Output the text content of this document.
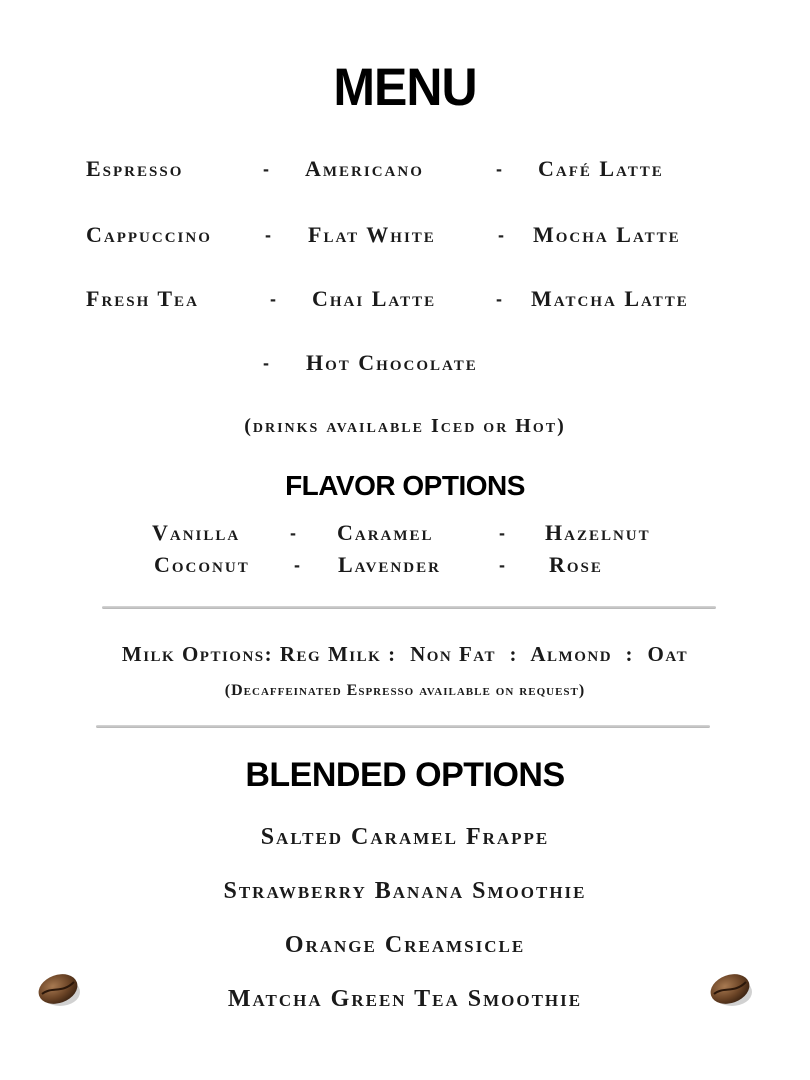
MENU
Espresso	- Americano	- Café Latte
Cappuccino	- Flat White	- Mocha Latte
Fresh Tea	- Chai Latte	- Matcha Latte
- Hot Chocolate
(drinks available Iced or Hot)
FLAVOR OPTIONS
Vanilla	- Caramel	- Hazelnut
Coconut - Lavender	- Rose
Milk Options: Reg Milk : Non Fat : Almond : Oat
(Decaffeinated Espresso available on request)
BLENDED OPTIONS
Salted Caramel Frappe
Strawberry Banana Smoothie
Orange Creamsicle
Matcha Green Tea Smoothie
